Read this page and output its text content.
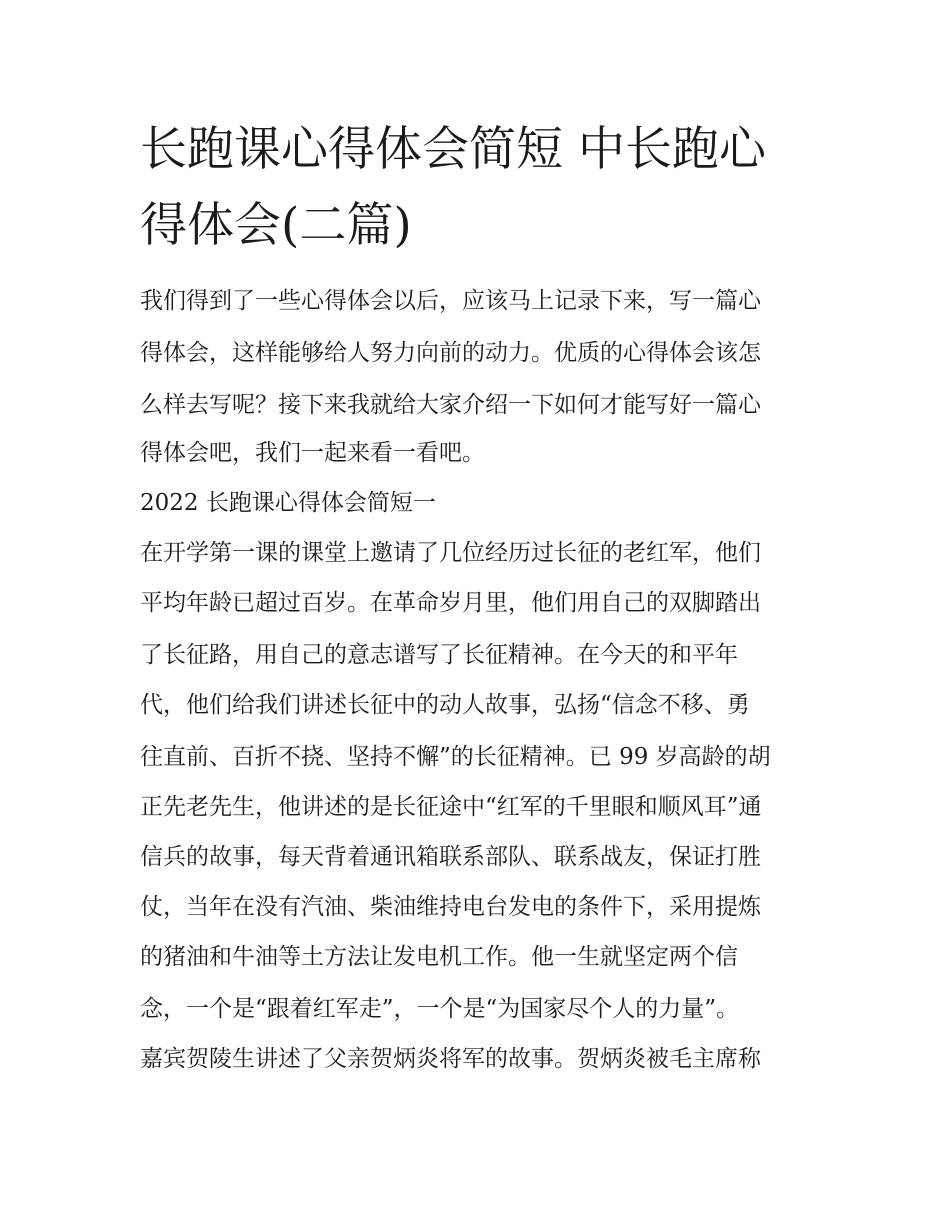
长跑课心得体会简短 中长跑心
得体会(二篇)

我们得到了一些心得体会以后，应该马上记录下来，写一篇心

得体会，这样能够给人努力向前的动力。优质的心得体会该怎

么样去写呢？接下来我就给大家介绍一下如何才能写好一篇心

得体会吧，我们一起来看一看吧。

2022 长跑课心得体会简短一

在开学第一课的课堂上邀请了几位经历过长征的老红军，他们

平均年龄已超过百岁。在革命岁月里，他们用自己的双脚踏出

了长征路，用自己的意志谱写了长征精神。在今天的和平年

代，他们给我们讲述长征中的动人故事，弘扬“信念不移、勇

往直前、百折不挠、坚持不懈”的长征精神。已 99 岁高龄的胡

正先老先生，他讲述的是长征途中“红军的千里眼和顺风耳”通

信兵的故事，每天背着通讯箱联系部队、联系战友，保证打胜

仗，当年在没有汽油、柴油维持电台发电的条件下，采用提炼

的猪油和牛油等土方法让发电机工作。他一生就坚定两个信

念，一个是“跟着红军走”，一个是“为国家尽个人的力量”。

嘉宾贺陵生讲述了父亲贺炳炎将军的故事。贺炳炎被毛主席称
